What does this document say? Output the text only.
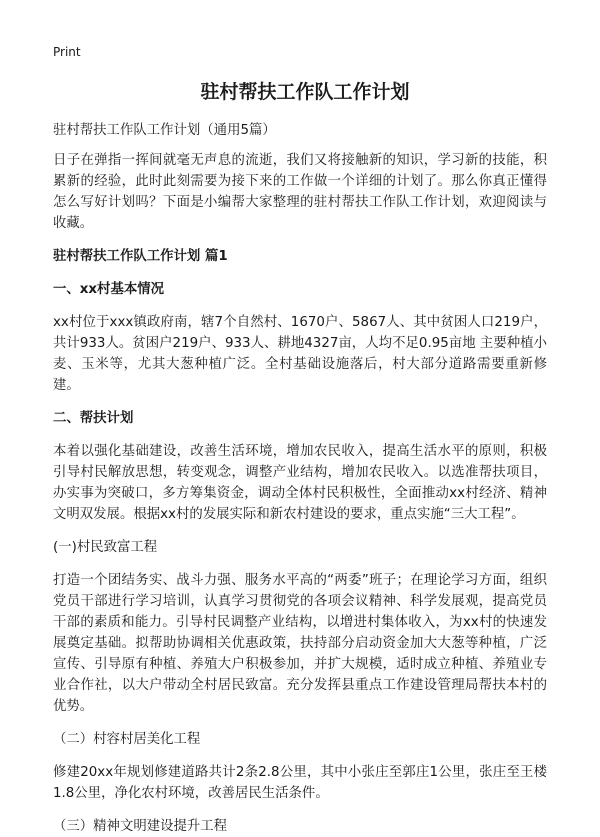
Print
驻村帮扶工作队工作计划

驻村帮扶工作队工作计划（通用5篇）

日子在弹指一挥间就毫无声息的流逝，我们又将接触新的知识，学习新的技能，积累新的经验，此时此刻需要为接下来的工作做一个详细的计划了。那么你真正懂得怎么写好计划吗？下面是小编帮大家整理的驻村帮扶工作队工作计划，欢迎阅读与收藏。

驻村帮扶工作队工作计划 篇1

一、xx村基本情况

xx村位于xxx镇政府南，辖7个自然村、1670户、5867人、其中贫困人口219户，共计933人。贫困户219户、933人、耕地4327亩，人均不足0.95亩地 主要种植小麦、玉米等，尤其大葱种植广泛。全村基础设施落后，村大部分道路需要重新修建。

二、帮扶计划

本着以强化基础建设，改善生活环境，增加农民收入，提高生活水平的原则，积极引导村民解放思想，转变观念，调整产业结构，增加农民收入。以选准帮扶项目，办实事为突破口，多方筹集资金，调动全体村民积极性，全面推动xx村经济、精神文明双发展。根据xx村的发展实际和新农村建设的要求，重点实施“三大工程”。

(一)村民致富工程

打造一个团结务实、战斗力强、服务水平高的“两委”班子；在理论学习方面，组织党员干部进行学习培训，认真学习贯彻党的各项会议精神、科学发展观，提高党员干部的素质和能力。引导村民调整产业结构，以增进村集体收入，为xx村的快速发展奠定基础。拟帮助协调相关优惠政策，扶持部分启动资金加大大葱等种植，广泛宣传、引导原有种植、养殖大户积极参加，并扩大规模，适时成立种植、养殖业专业合作社，以大户带动全村居民致富。充分发挥县重点工作建设管理局帮扶本村的优势。

（二）村容村居美化工程

修建20xx年规划修建道路共计2条2.8公里，其中小张庄至郭庄1公里，张庄至王楼1.8公里，净化农村环境，改善居民生活条件。

（三）精神文明建设提升工程
